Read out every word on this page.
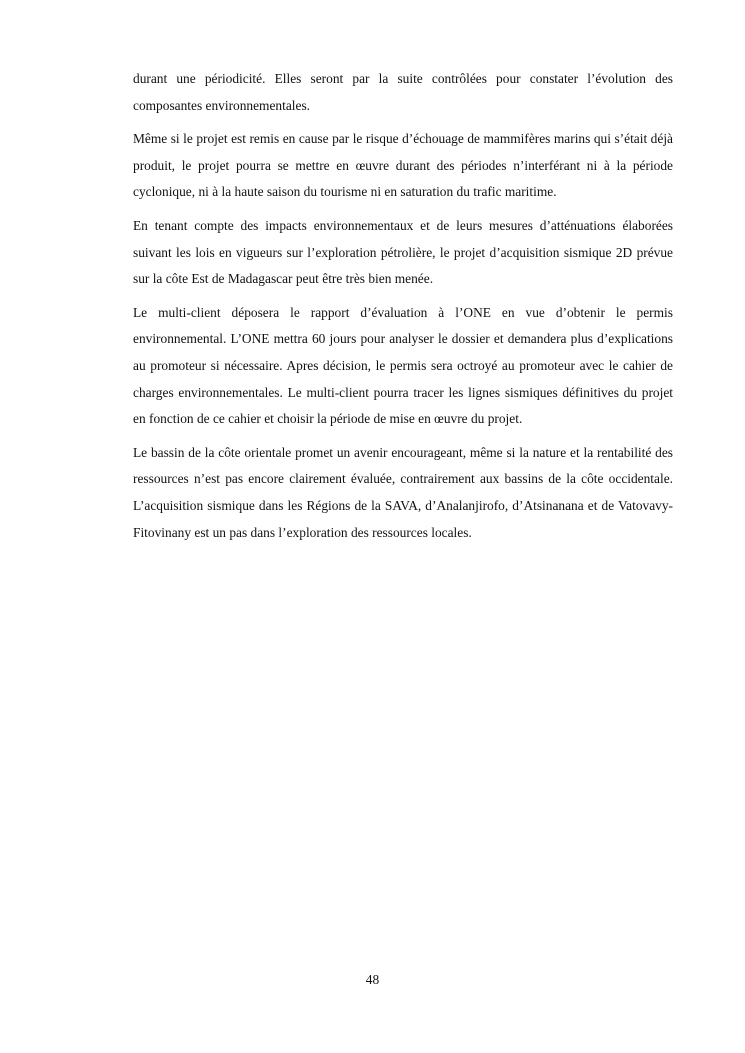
durant une périodicité. Elles seront par la suite contrôlées pour constater l’évolution des composantes environnementales.

Même si le projet est remis en cause par le risque d’échouage de mammifères marins qui s’était déjà produit, le projet pourra se mettre en œuvre durant des périodes n’interférant ni à la période cyclonique, ni à la haute saison du tourisme ni en saturation du trafic maritime.

En tenant compte des impacts environnementaux et de leurs mesures d’atténuations élaborées suivant les lois en vigueurs sur l’exploration pétrolière, le projet d’acquisition sismique 2D prévue sur la côte Est de Madagascar peut être très bien menée.

Le multi-client déposera le rapport d’évaluation à l’ONE en vue d’obtenir le permis environnemental. L’ONE mettra 60 jours pour analyser le dossier et demandera plus d’explications au promoteur si nécessaire. Apres décision, le permis sera octroyé au promoteur avec le cahier de charges environnementales. Le multi-client pourra tracer les lignes sismiques définitives du projet en fonction de ce cahier et choisir la période de mise en œuvre du projet.

Le bassin de la côte orientale promet un avenir encourageant, même si la nature et la rentabilité des ressources n’est pas encore clairement évaluée, contrairement aux bassins de la côte occidentale. L’acquisition sismique dans les Régions de la SAVA, d’Analanjirofo, d’Atsinanana et de Vatovavy-Fitovinany est un pas dans l’exploration des ressources locales.

48
